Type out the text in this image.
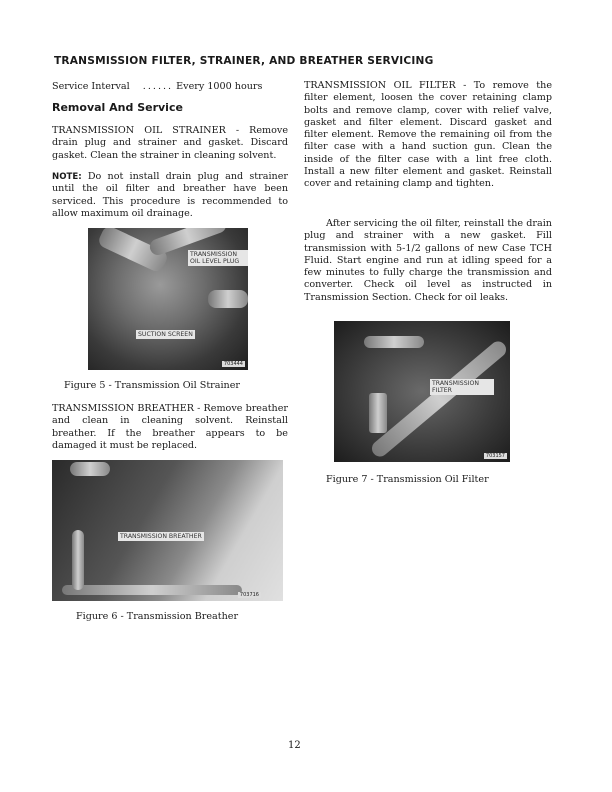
TRANSMISSION FILTER, STRAINER, AND BREATHER SERVICING
Service Interval ...... Every 1000 hours
Removal And Service
TRANSMISSION OIL STRAINER - Remove drain plug and strainer and gasket. Discard gasket. Clean the strainer in cleaning solvent.
NOTE: Do not install drain plug and strainer until the oil filter and breather have been serviced. This procedure is recommended to allow maximum oil drainage.
TRANSMISSION OIL LEVEL PLUG
SUCTION SCREEN
703444
Figure 5 - Transmission Oil Strainer
TRANSMISSION BREATHER - Remove breather and clean in cleaning solvent. Reinstall breather. If the breather appears to be damaged it must be replaced.
TRANSMISSION BREATHER
703716
Figure 6 - Transmission Breather
TRANSMISSION OIL FILTER - To remove the filter element, loosen the cover retaining clamp bolts and remove clamp, cover with relief valve, gasket and filter element. Discard gasket and filter element. Remove the remaining oil from the filter case with a hand suction gun. Clean the inside of the filter case with a lint free cloth. Install a new filter element and gasket. Reinstall cover and retaining clamp and tighten.
After servicing the oil filter, reinstall the drain plug and strainer with a new gasket. Fill transmission with 5-1/2 gallons of new Case TCH Fluid. Start engine and run at idling speed for a few minutes to fully charge the transmission and converter. Check oil level as instructed in Transmission Section. Check for oil leaks.
TRANSMISSION FILTER
703157
Figure 7 - Transmission Oil Filter
12
